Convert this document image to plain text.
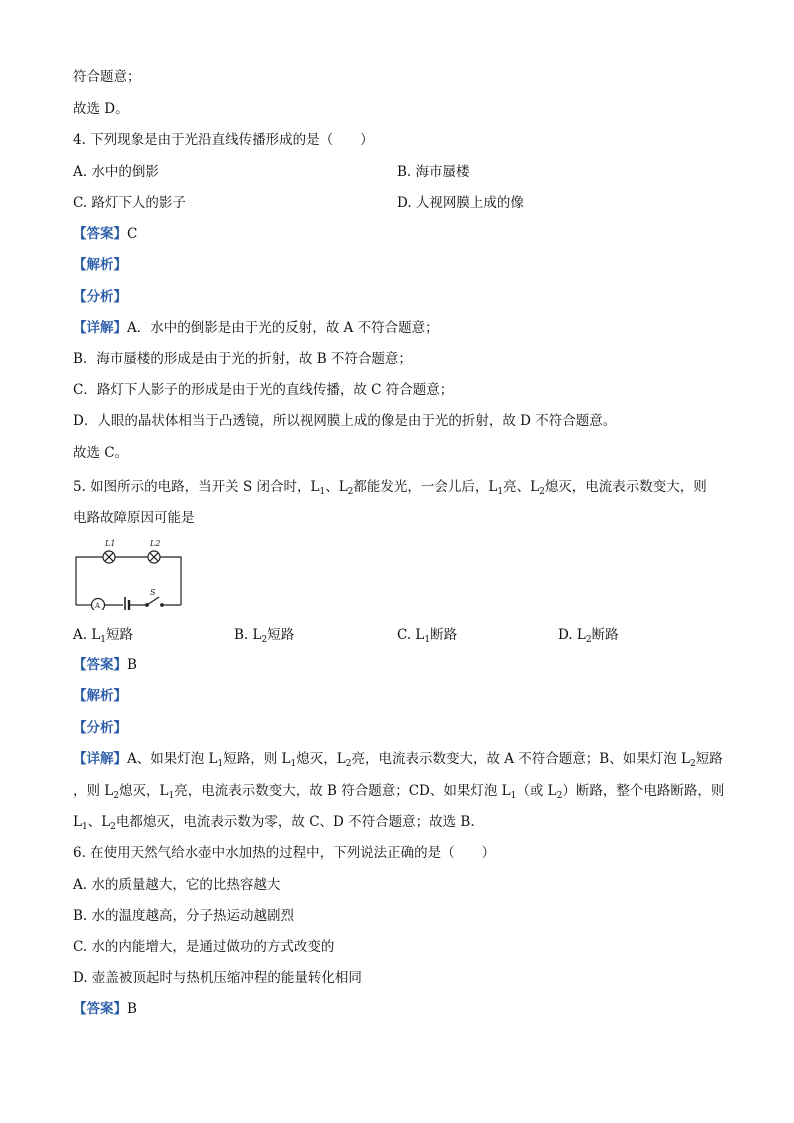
符合题意；
故选 D。
4. 下列现象是由于光沿直线传播形成的是（　　）
A. 水中的倒影	B. 海市蜃楼
C. 路灯下人的影子	D. 人视网膜上成的像
【答案】C
【解析】
【分析】
【详解】A．水中的倒影是由于光的反射，故 A 不符合题意；
B．海市蜃楼的形成是由于光的折射，故 B 不符合题意；
C．路灯下人影子的形成是由于光的直线传播，故 C 符合题意；
D．人眼的晶状体相当于凸透镜，所以视网膜上成的像是由于光的折射，故 D 不符合题意。
故选 C。
5. 如图所示的电路，当开关 S 闭合时，$L_1$、$L_2$都能发光，一会儿后，$L_1$亮、$L_2$熄灭，电流表示数变大，则
电路故障原因可能是
L1	L2
A
S
A. $L_1$短路	B. $L_2$短路	C. $L_1$断路	D. $L_2$断路
【答案】B
【解析】
【分析】
【详解】A、如果灯泡 $L_1$短路，则 $L_1$熄灭，$L_2$亮，电流表示数变大，故 A 不符合题意；B、如果灯泡 $L_2$短路
，则 $L_2$熄灭，$L_1$亮，电流表示数变大，故 B 符合题意；CD、如果灯泡 $L_1$（或 $L_2$）断路，整个电路断路，则
$L_1$、$L_2$电都熄灭，电流表示数为零，故 C、D 不符合题意；故选 B.
6. 在使用天然气给水壶中水加热的过程中，下列说法正确的是（　　）
A. 水的质量越大，它的比热容越大
B. 水的温度越高，分子热运动越剧烈
C. 水的内能增大，是通过做功的方式改变的
D. 壶盖被顶起时与热机压缩冲程的能量转化相同
【答案】B
